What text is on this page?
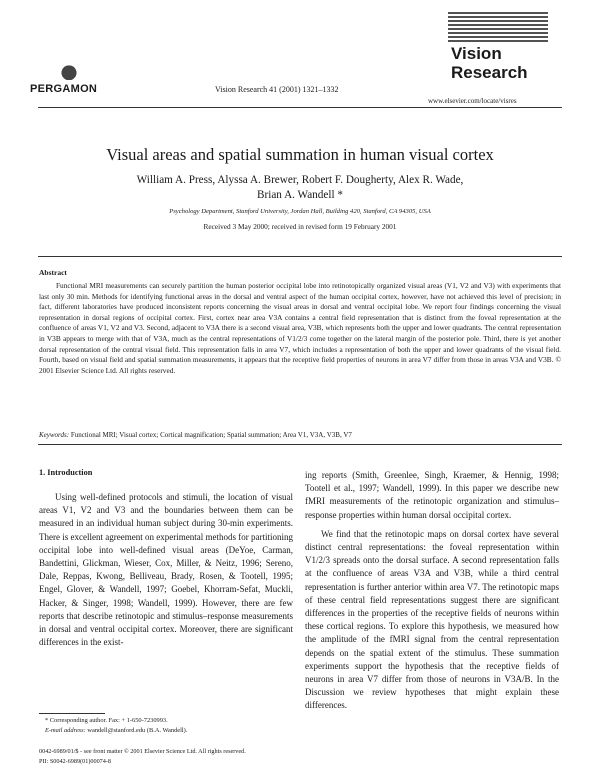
PERGAMON	Vision Research 41 (2001) 1321–1332
Vision
Research
www.elsevier.com/locate/visres
Visual areas and spatial summation in human visual cortex
William A. Press, Alyssa A. Brewer, Robert F. Dougherty, Alex R. Wade,
Brian A. Wandell *
Psychology Department, Stanford University, Jordan Hall, Building 420, Stanford, CA 94305, USA
Received 3 May 2000; received in revised form 19 February 2001
Abstract

Functional MRI measurements can securely partition the human posterior occipital lobe into retinotopically organized visual areas (V1, V2 and V3) with experiments that last only 30 min. Methods for identifying functional areas in the dorsal and ventral aspect of the human occipital cortex, however, have not achieved this level of precision; in fact, different laboratories have produced inconsistent reports concerning the visual areas in dorsal and ventral occipital lobe. We report four findings concerning the visual representation in dorsal regions of occipital cortex. First, cortex near area V3A contains a central field representation that is distinct from the foveal representation at the confluence of areas V1, V2 and V3. Second, adjacent to V3A there is a second visual area, V3B, which represents both the upper and lower quadrants. The central representation in V3B appears to merge with that of V3A, much as the central representations of V1/2/3 come together on the lateral margin of the posterior pole. Third, there is yet another dorsal representation of the central visual field. This representation falls in area V7, which includes a representation of both the upper and lower quadrants of the visual field. Fourth, based on visual field and spatial summation measurements, it appears that the receptive field properties of neurons in area V7 differ from those in areas V3A and V3B. © 2001 Elsevier Science Ltd. All rights reserved.

Keywords: Functional MRI; Visual cortex; Cortical magnification; Spatial summation; Area V1, V3A, V3B, V7
1. Introduction

Using well-defined protocols and stimuli, the location of visual areas V1, V2 and V3 and the boundaries between them can be measured in an individual human subject during 30-min experiments. There is excellent agreement on experimental methods for partitioning occipital lobe into well-defined visual areas (DeYoe, Carman, Bandettini, Glickman, Wieser, Cox, Miller, & Neitz, 1996; Sereno, Dale, Reppas, Kwong, Belliveau, Brady, Rosen, & Tootell, 1995; Engel, Glover, & Wandell, 1997; Goebel, Khorram-Sefat, Muckli, Hacker, & Singer, 1998; Wandell, 1999). However, there are few reports that describe retinotopic and stimulus–response measurements in dorsal and ventral occipital cortex. Moreover, there are significant differences in the exist-

ing reports (Smith, Greenlee, Singh, Kraemer, & Hennig, 1998; Tootell et al., 1997; Wandell, 1999). In this paper we describe new fMRI measurements of the retinotopic organization and stimulus–response properties within human dorsal occipital cortex.

We find that the retinotopic maps on dorsal cortex have several distinct central representations: the foveal representation within V1/2/3 spreads onto the dorsal surface. A second representation falls at the confluence of areas V3A and V3B, while a third central representation is further anterior within area V7. The retinotopic maps of these central field representations suggest there are significant differences in the properties of the receptive fields of neurons within these cortical regions. To explore this hypothesis, we measured how the amplitude of the fMRI signal from the central representation depends on the spatial extent of the stimulus. These summation experiments support the hypothesis that the receptive fields of neurons in area V7 differ from those of neurons in V3A/B. In the Discussion we review hypotheses that might explain these differences.

* Corresponding author. Fax: + 1-650-7230993.
E-mail address: wandell@stanford.edu (B.A. Wandell).
0042-6989/01/$ - see front matter © 2001 Elsevier Science Ltd. All rights reserved.
PII: S0042-6989(01)00074-8
